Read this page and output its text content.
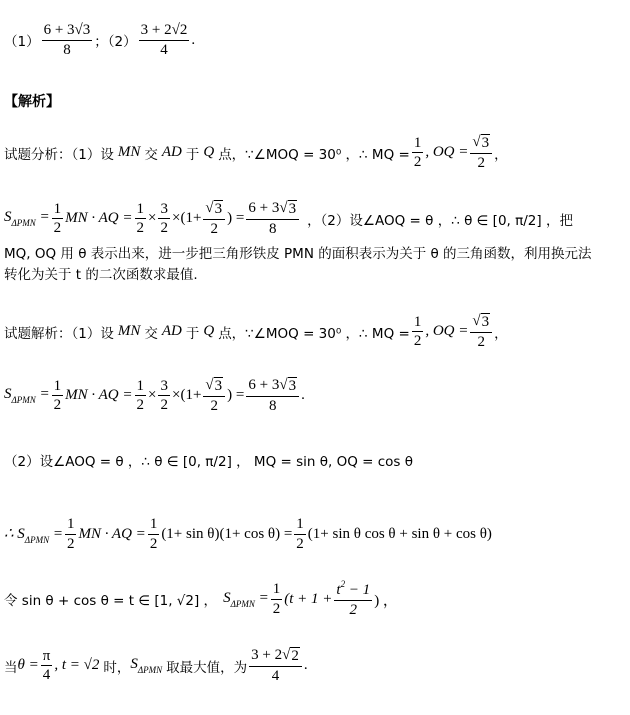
$(1) \frac{6 + 3√3}{8}$ ；$(2) \frac{3 + 2√2}{4}$ .
【解析】
试题分析：（1）设 MN 交 AD 于 Q 点，∵∠MOQ = 30⁰ ，∴ MQ = $\frac{1}{2}$ , OQ = $\frac{√ 3}{2}$ ，
$S_{\Delta PMN} = \frac{1}{2}$ MN · AQ = $\frac{1}{2} \times \frac{3}{2} \times(1+ \frac{√ 3}{2}$ ) = $\frac{6 + 3√ 3}{8}$ ，（2）设∠AOQ = θ ，∴ θ ∈ [0, π/2] ，把
MQ, OQ 用 θ 表示出来，进一步把三角形铁皮 PMN 的面积表示为关于 θ 的三角函数，利用换元法
转化为关于 t 的二次函数求最值.
试题解析：（1）设 MN 交 AD 于 Q 点，∵∠MOQ = 30⁰ ，∴ MQ = $\frac{1}{2}$ , OQ = $\frac{√ 3}{2}$ ，
$S_{\Delta PMN} = \frac{1}{2}$ MN · AQ = $\frac{1}{2} \times \frac{3}{2} \times(1+ \frac{√ 3}{2}$ ) = $\frac{6 + 3√ 3}{8}$ .
（2）设∠AOQ = θ ，∴ θ ∈ [0, π/2] ， MQ = sin θ, OQ = cos θ
∴ $S_{\Delta PMN} = \frac{1}{2}$ MN · AQ = $\frac{1}{2} (1+ \sin \theta)(1+ \cos \theta) = \frac{1}{2} (1+ \sin \theta$ cos θ + sin θ + cos θ)
令 sin θ + cos θ = t ∈ [1, √2] ， $S_{\Delta PMN} = \frac{1}{2} (t + 1 + \frac{t^2 - 1}{2}$ ) ，
当 $\theta = \frac{\pi}{4}$ , t = √2 时， $S_{\Delta PMN}$ 取最大值，为 $\frac{3 + 2√ 2}{4}$ .
